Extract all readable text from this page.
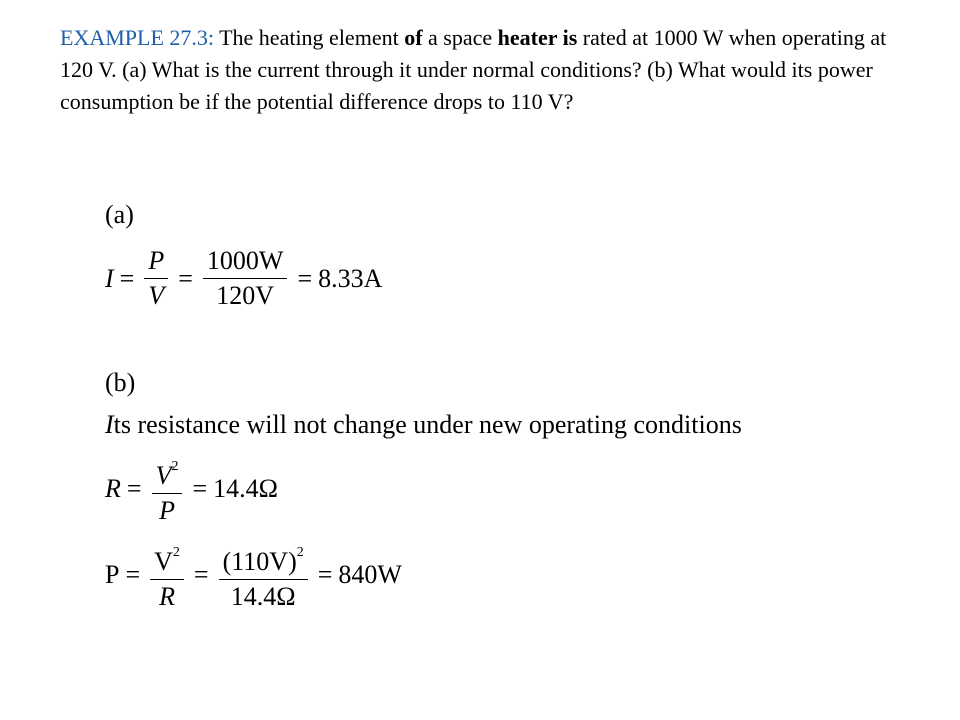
EXAMPLE 27.3: The heating element of a space heater is rated at 1000 W when operating at 120 V. (a) What is the current through it under normal conditions? (b) What would its power consumption be if the potential difference drops to 110 V?
(a)
$I = \frac{P}{V} = \frac{1000W}{120V} = 8.33A$
(b)
Its resistance will not change under new operating conditions
$R = \frac{V^2}{P} = 14.4\Omega$
$P = \frac{V^2}{R} = \frac{(110V)^2}{14.4\Omega} = 840W$
